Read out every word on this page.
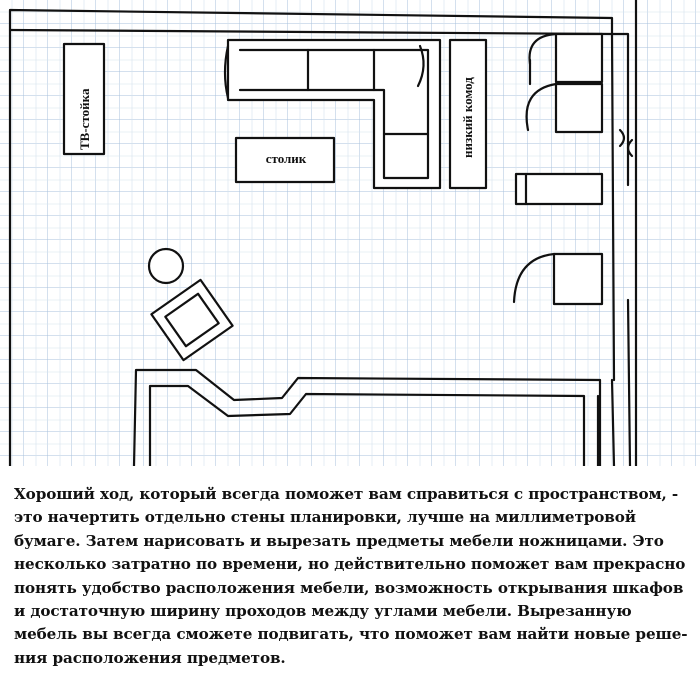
ТВ-стойка
столик
низкий комод
Хороший ход, который всегда поможет вам справиться с пространством, -
это начертить отдельно стены планировки, лучше на миллиметровой
бумаге. Затем нарисовать и вырезать предметы мебели ножницами. Это
несколько затратно по времени, но действительно поможет вам прекрасно
понять удобство расположения мебели, возможность открывания шкафов
и достаточную ширину проходов между углами мебели. Вырезанную
мебель вы всегда сможете подвигать, что поможет вам найти новые реше-
ния расположения предметов.
